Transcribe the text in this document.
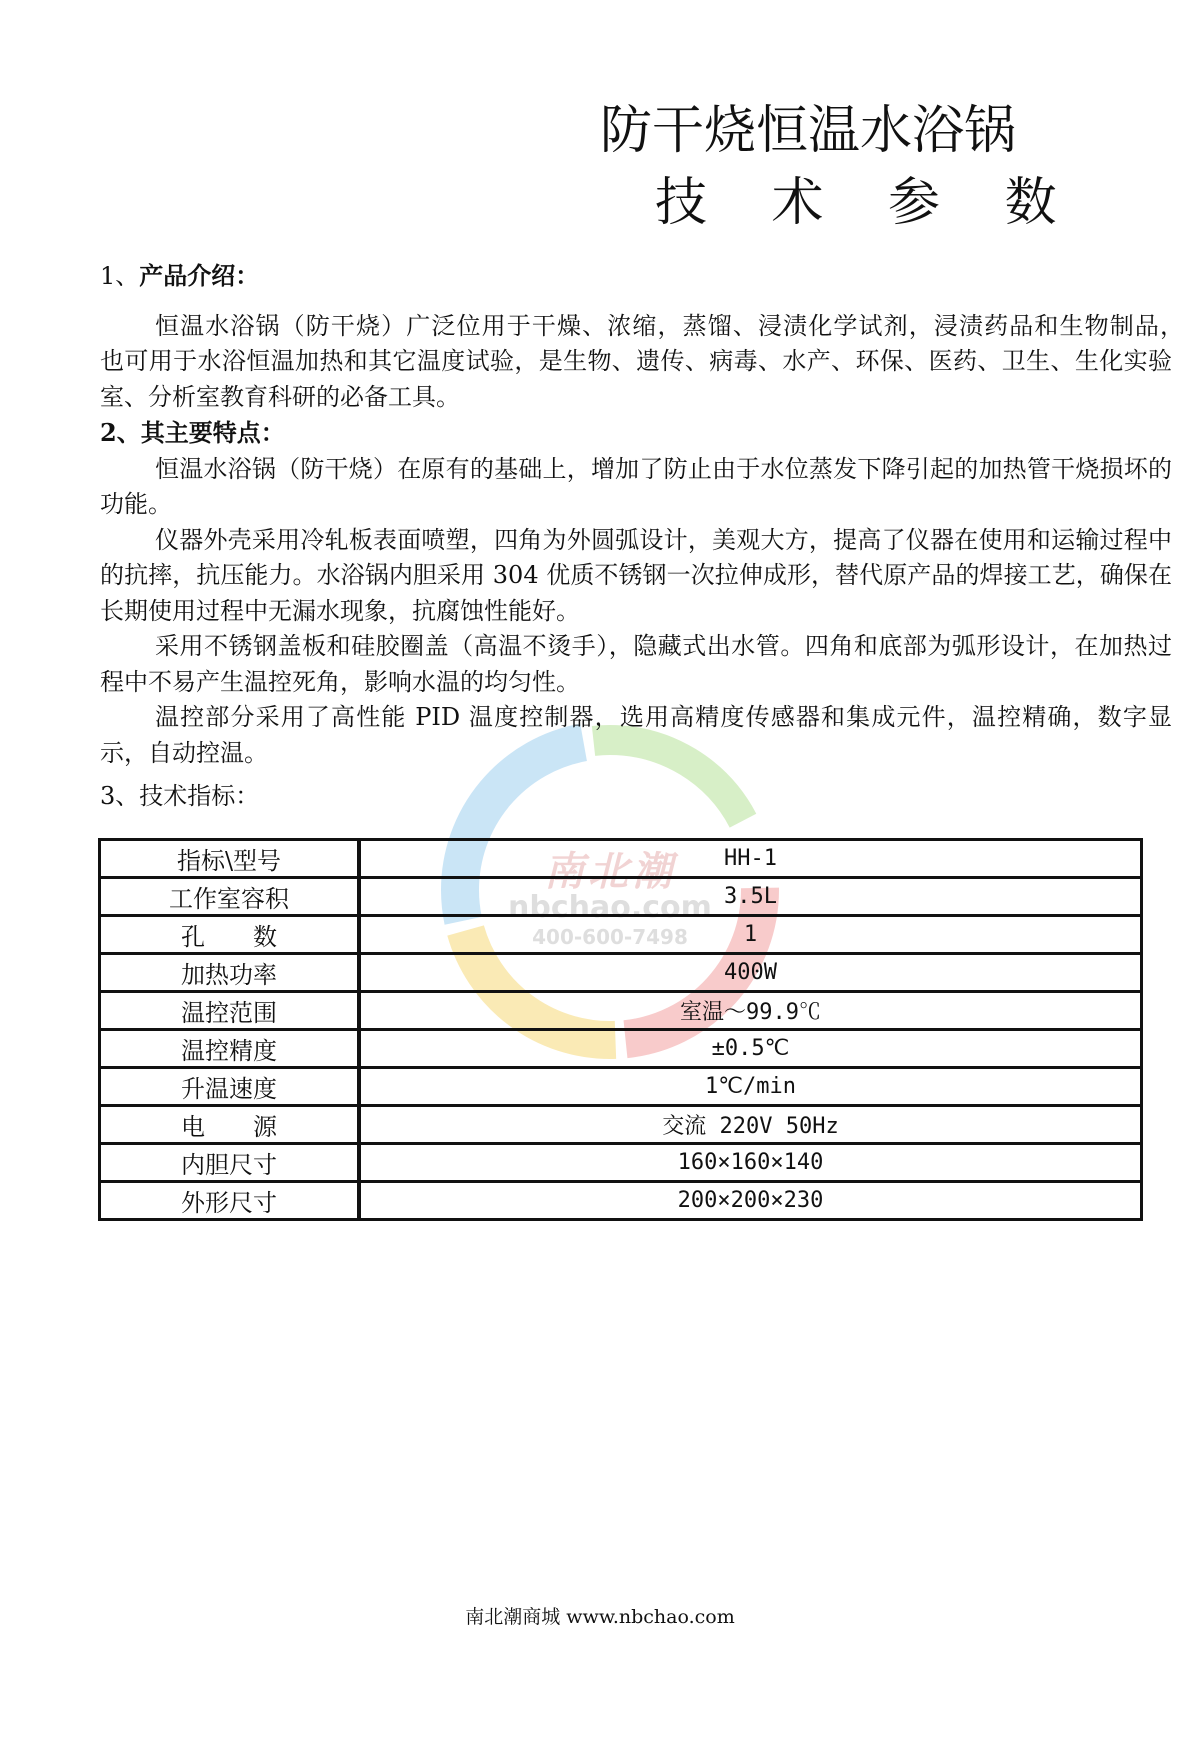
南北潮
nbchao.com
400-600-7498
防干烧恒温水浴锅
技 术 参 数

1、产品介绍：

恒温水浴锅（防干烧）广泛位用于干燥、浓缩，蒸馏、浸渍化学试剂，浸渍药品和生物制品，　也可用于水浴恒温加热和其它温度试验，是生物、遗传、病毒、水产、环保、医药、卫生、生化实验室、分析室教育科研的必备工具。

2、其主要特点：

恒温水浴锅（防干烧）在原有的基础上，增加了防止由于水位蒸发下降引起的加热管干烧损坏的功能。

仪器外壳采用冷轧板表面喷塑，四角为外圆弧设计，美观大方，提高了仪器在使用和运输过程中的抗摔，抗压能力。水浴锅内胆采用 304 优质不锈钢一次拉伸成形，替代原产品的焊接工艺，确保在长期使用过程中无漏水现象，抗腐蚀性能好。

采用不锈钢盖板和硅胶圈盖（高温不烫手），隐藏式出水管。四角和底部为弧形设计，在加热过程中不易产生温控死角，影响水温的均匀性。

温控部分采用了高性能 PID 温度控制器，选用高精度传感器和集成元件，温控精确，数字显示，自动控温。

3、技术指标：

指标\型号	HH-1
工作室容积	3.5L
孔　　数	1
加热功率	400W
温控范围	室温～99.9℃
温控精度	±0.5℃
升温速度	1℃/min
电　　源	交流 220V 50Hz
内胆尺寸	160×160×140
外形尺寸	200×200×230
南北潮商城 www.nbchao.com
